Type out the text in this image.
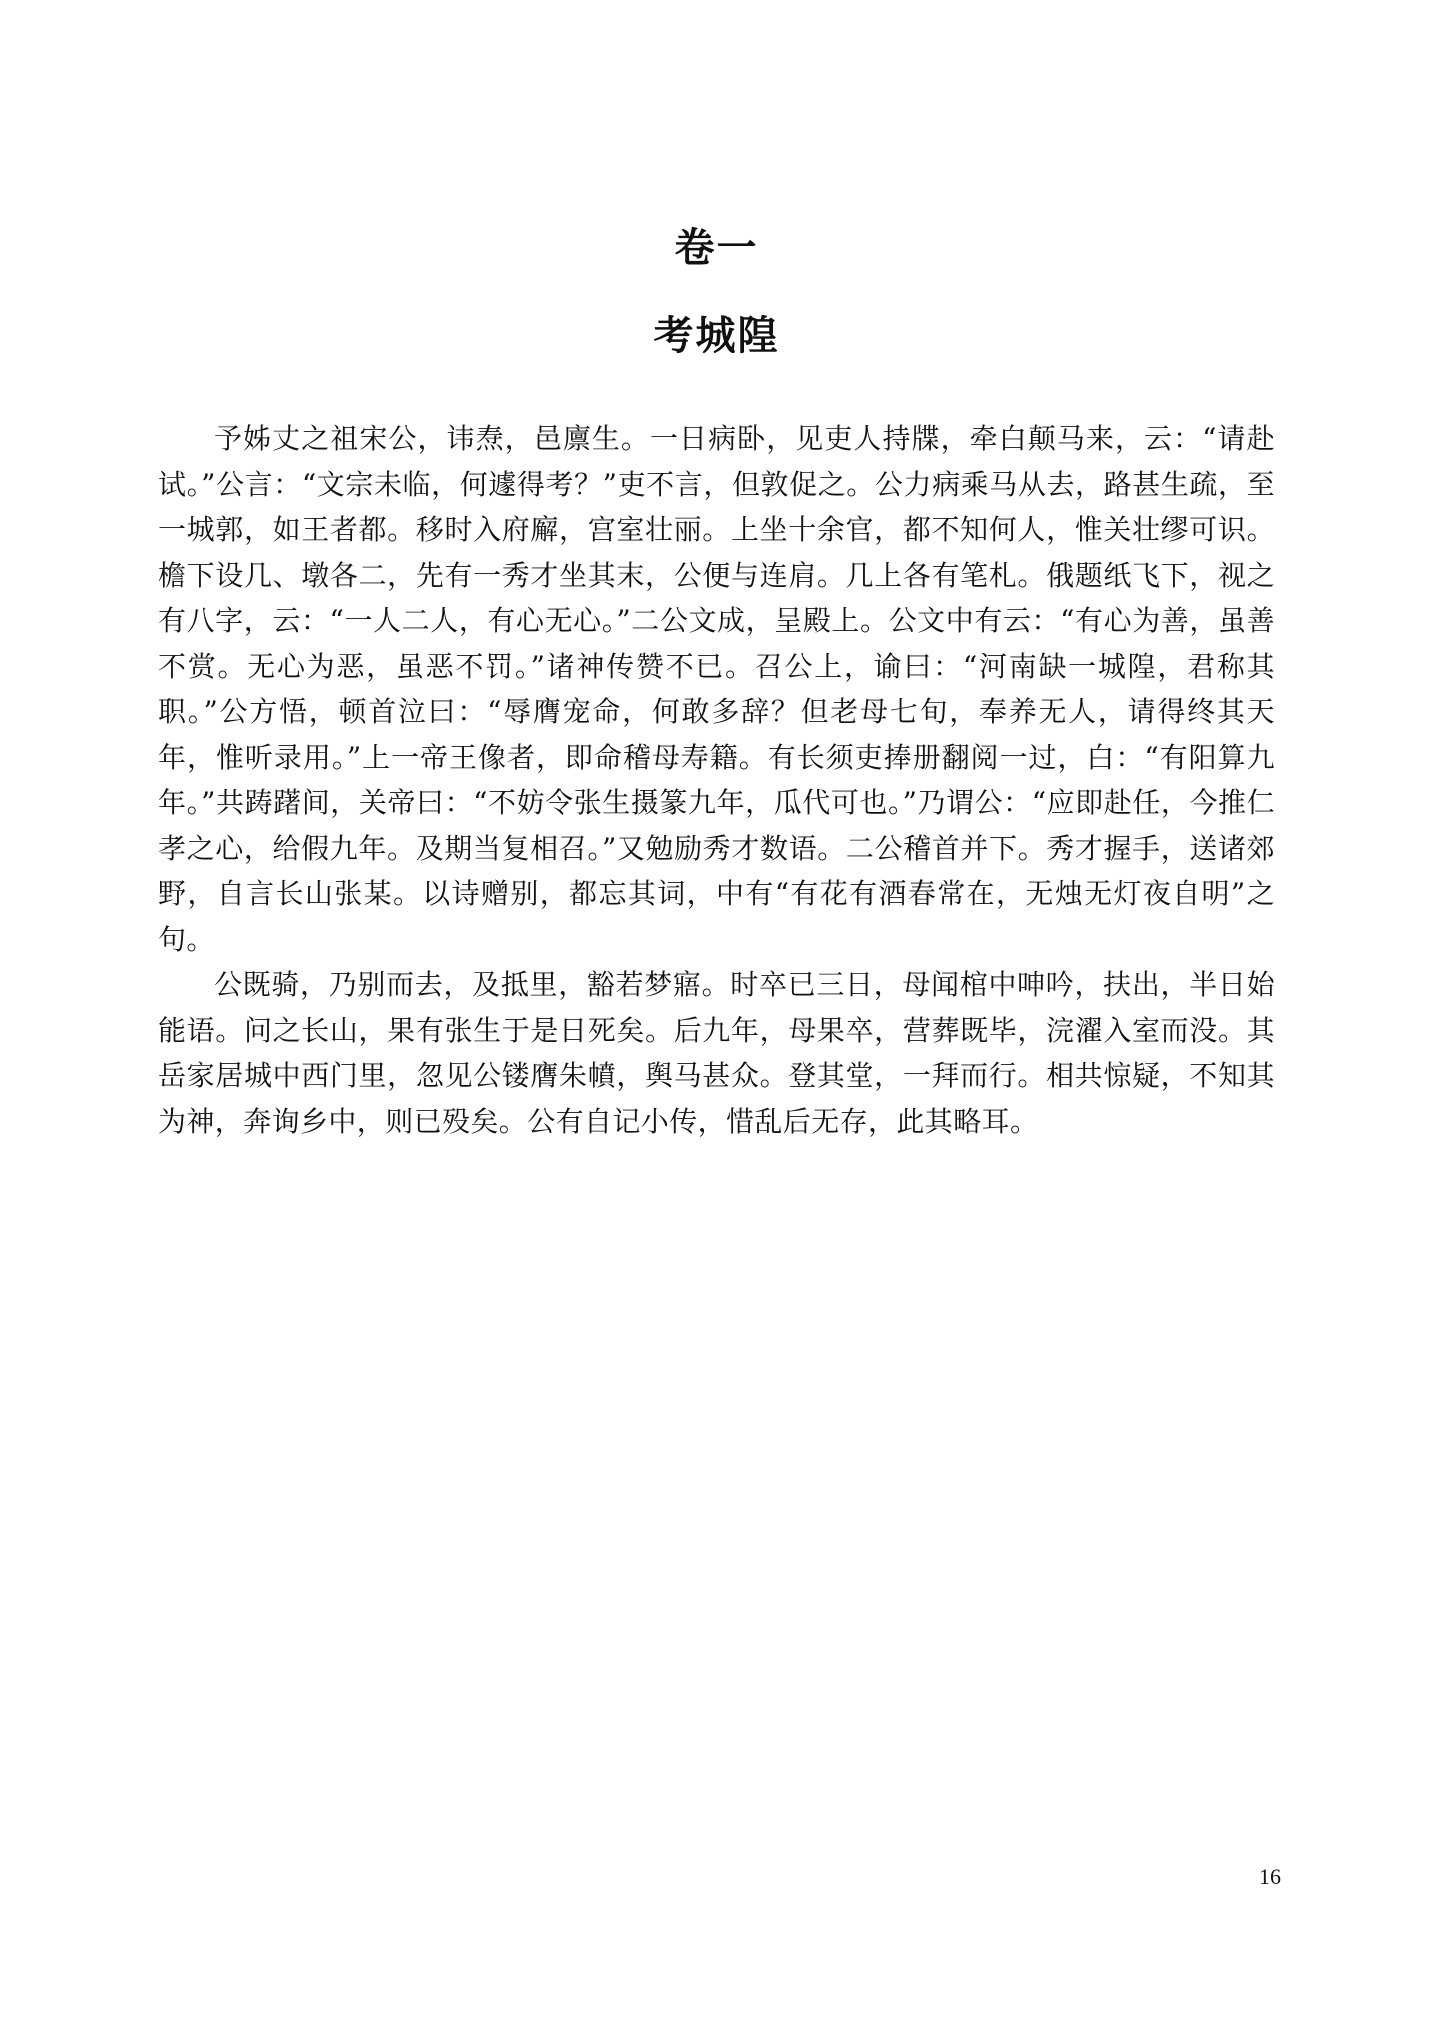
卷一
考城隍

予姊丈之祖宋公，讳焘，邑廪生。一日病卧，见吏人持牒，牵白颠马来，云：“请赴试。”公言：“文宗未临，何遽得考？”吏不言，但敦促之。公力病乘马从去，路甚生疏，至一城郭，如王者都。移时入府廨，宫室壮丽。上坐十余官，都不知何人，惟关壮缪可识。檐下设几、墩各二，先有一秀才坐其末，公便与连肩。几上各有笔札。俄题纸飞下，视之有八字，云：“一人二人，有心无心。”二公文成，呈殿上。公文中有云：“有心为善，虽善不赏。无心为恶，虽恶不罚。”诸神传赞不已。召公上，谕曰：“河南缺一城隍，君称其职。”公方悟，顿首泣曰：“辱膺宠命，何敢多辞？但老母七旬，奉养无人，请得终其天年，惟听录用。”上一帝王像者，即命稽母寿籍。有长须吏捧册翻阅一过，白：“有阳算九年。”共踌躇间，关帝曰：“不妨令张生摄篆九年，瓜代可也。”乃谓公：“应即赴任，今推仁孝之心，给假九年。及期当复相召。”又勉励秀才数语。二公稽首并下。秀才握手，送诸郊野，自言长山张某。以诗赠别，都忘其词，中有“有花有酒春常在，无烛无灯夜自明”之句。

公既骑，乃别而去，及抵里，豁若梦寤。时卒已三日，母闻棺中呻吟，扶出，半日始能语。问之长山，果有张生于是日死矣。后九年，母果卒，营葬既毕，浣濯入室而没。其岳家居城中西门里，忽见公镂膺朱幩，舆马甚众。登其堂，一拜而行。相共惊疑，不知其为神，奔询乡中，则已殁矣。公有自记小传，惜乱后无存，此其略耳。

16
